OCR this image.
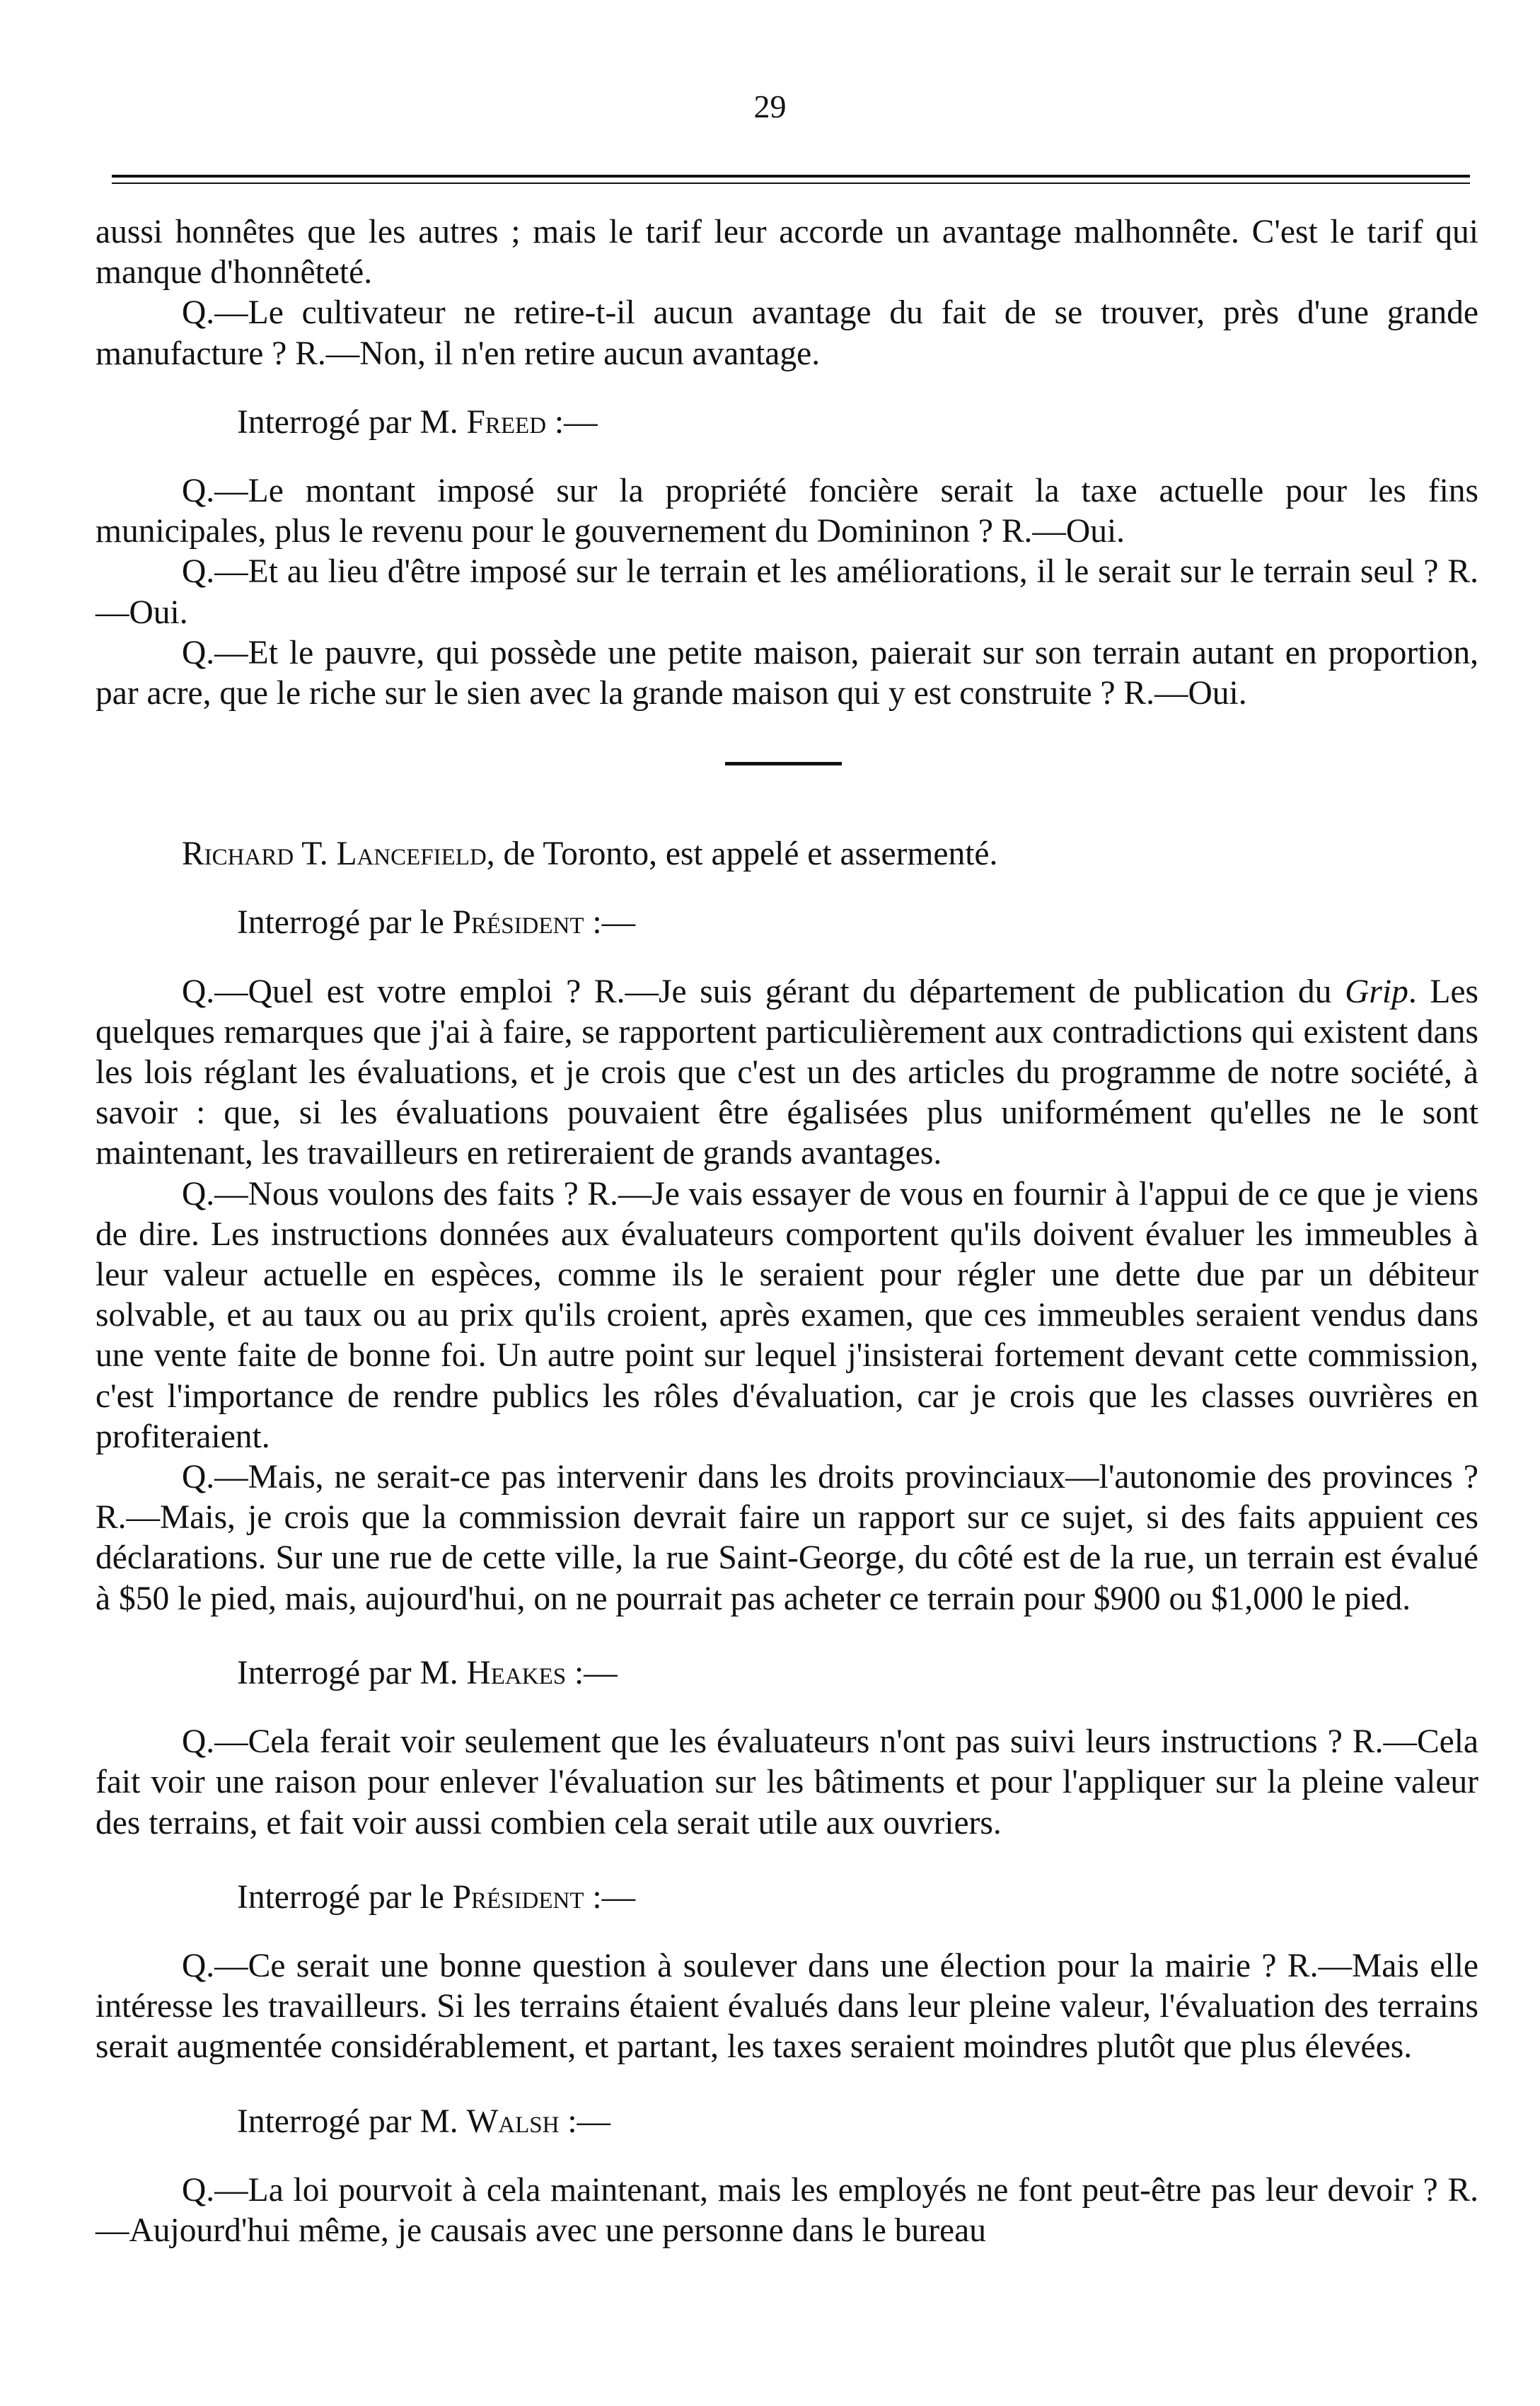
29

aussi honnêtes que les autres ; mais le tarif leur accorde un avantage malhonnête. C'est le tarif qui manque d'honnêteté.

Q.—Le cultivateur ne retire-t-il aucun avantage du fait de se trouver, près d'une grande manufacture ? R.—Non, il n'en retire aucun avantage.

Interrogé par M. Freed :—

Q.—Le montant imposé sur la propriété foncière serait la taxe actuelle pour les fins municipales, plus le revenu pour le gouvernement du Domininon ? R.—Oui.

Q.—Et au lieu d'être imposé sur le terrain et les améliorations, il le serait sur le terrain seul ? R.—Oui.

Q.—Et le pauvre, qui possède une petite maison, paierait sur son terrain autant en proportion, par acre, que le riche sur le sien avec la grande maison qui y est construite ? R.—Oui.

Richard T. Lancefield, de Toronto, est appelé et assermenté.

Interrogé par le Président :—

Q.—Quel est votre emploi ? R.—Je suis gérant du département de publication du Grip. Les quelques remarques que j'ai à faire, se rapportent particulièrement aux contradictions qui existent dans les lois réglant les évaluations, et je crois que c'est un des articles du programme de notre société, à savoir : que, si les évaluations pouvaient être égalisées plus uniformément qu'elles ne le sont maintenant, les travailleurs en retireraient de grands avantages.

Q.—Nous voulons des faits ? R.—Je vais essayer de vous en fournir à l'appui de ce que je viens de dire. Les instructions données aux évaluateurs comportent qu'ils doivent évaluer les immeubles à leur valeur actuelle en espèces, comme ils le seraient pour régler une dette due par un débiteur solvable, et au taux ou au prix qu'ils croient, après examen, que ces immeubles seraient vendus dans une vente faite de bonne foi. Un autre point sur lequel j'insisterai fortement devant cette commission, c'est l'importance de rendre publics les rôles d'évaluation, car je crois que les classes ouvrières en profiteraient.

Q.—Mais, ne serait-ce pas intervenir dans les droits provinciaux—l'autonomie des provinces ? R.—Mais, je crois que la commission devrait faire un rapport sur ce sujet, si des faits appuient ces déclarations. Sur une rue de cette ville, la rue Saint-George, du côté est de la rue, un terrain est évalué à $50 le pied, mais, aujourd'hui, on ne pourrait pas acheter ce terrain pour $900 ou $1,000 le pied.

Interrogé par M. Heakes :—

Q.—Cela ferait voir seulement que les évaluateurs n'ont pas suivi leurs instructions ? R.—Cela fait voir une raison pour enlever l'évaluation sur les bâtiments et pour l'appliquer sur la pleine valeur des terrains, et fait voir aussi combien cela serait utile aux ouvriers.

Interrogé par le Président :—

Q.—Ce serait une bonne question à soulever dans une élection pour la mairie ? R.—Mais elle intéresse les travailleurs. Si les terrains étaient évalués dans leur pleine valeur, l'évaluation des terrains serait augmentée considérablement, et partant, les taxes seraient moindres plutôt que plus élevées.

Interrogé par M. Walsh :—

Q.—La loi pourvoit à cela maintenant, mais les employés ne font peut-être pas leur devoir ? R.—Aujourd'hui même, je causais avec une personne dans le bureau
